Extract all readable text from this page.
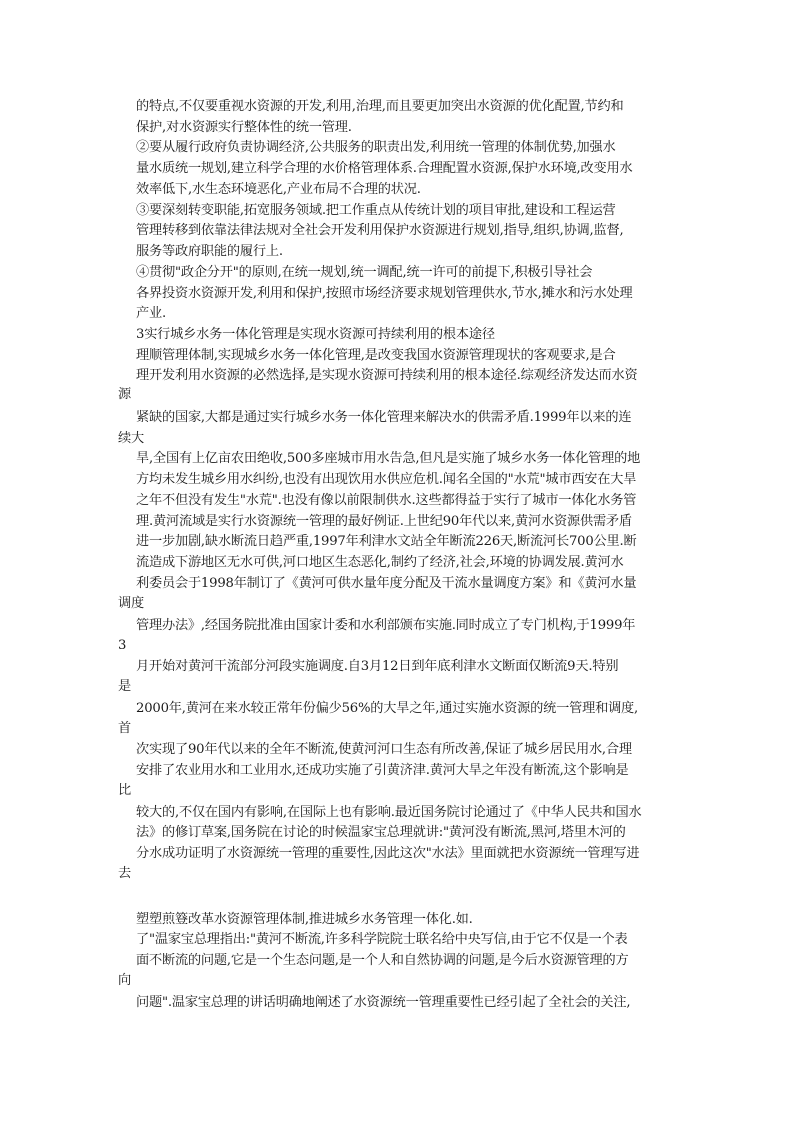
的特点,不仅要重视水资源的开发,利用,治理,而且要更加突出水资源的优化配置,节约和
保护,对水资源实行整体性的统一管理.
②要从履行政府负责协调经济,公共服务的职责出发,利用统一管理的体制优势,加强水
量水质统一规划,建立科学合理的水价格管理体系.合理配置水资源,保护水环境,改变用水
效率低下,水生态环境恶化,产业布局不合理的状况.
③要深刻转变职能,拓宽服务领域.把工作重点从传统计划的项目审批,建设和工程运营
管理转移到依靠法律法规对全社会开发利用保护水资源进行规划,指导,组织,协调,监督,
服务等政府职能的履行上.
④贯彻"政企分开"的原则,在统一规划,统一调配,统一许可的前提下,积极引导社会
各界投资水资源开发,利用和保护,按照市场经济要求规划管理供水,节水,摊水和污水处理
产业.
3实行城乡水务一体化管理是实现水资源可持续利用的根本途径
理顺管理体制,实现城乡水务一体化管理,是改变我国水资源管理现状的客观要求,是合
理开发利用水资源的必然选择,是实现水资源可持续利用的根本途径.综观经济发达而水资
源
紧缺的国家,大都是通过实行城乡水务一体化管理来解决水的供需矛盾.1999年以来的连
续大
旱,全国有上亿亩农田绝收,500多座城市用水告急,但凡是实施了城乡水务一体化管理的地
方均未发生城乡用水纠纷,也没有出现饮用水供应危机.闻名全国的"水荒"城市西安在大旱
之年不但没有发生"水荒".也没有像以前限制供水.这些都得益于实行了城市一体化水务管
理.黄河流域是实行水资源统一管理的最好例证.上世纪90年代以来,黄河水资源供需矛盾
进一步加剧,缺水断流日趋严重,1997年利津水文站全年断流226天,断流河长700公里.断
流造成下游地区无水可供,河口地区生态恶化,制约了经济,社会,环境的协调发展.黄河水
利委员会于1998年制订了《黄河可供水量年度分配及干流水量调度方案》和《黄河水量
调度
管理办法》,经国务院批准由国家计委和水利部颁布实施.同时成立了专门机构,于1999年
3
月开始对黄河干流部分河段实施调度.自3月12日到年底利津水文断面仅断流9天.特别
是
2000年,黄河在来水较正常年份偏少56%的大旱之年,通过实施水资源的统一管理和调度,
首
次实现了90年代以来的全年不断流,使黄河河口生态有所改善,保证了城乡居民用水,合理
安排了农业用水和工业用水,还成功实施了引黄济津.黄河大旱之年没有断流,这个影响是
比
较大的,不仅在国内有影响,在国际上也有影响.最近国务院讨论通过了《中华人民共和国水
法》的修订草案,国务院在讨论的时候温家宝总理就讲:"黄河没有断流,黑河,塔里木河的
分水成功证明了水资源统一管理的重要性,因此这次"水法》里面就把水资源统一管理写进
去
塑塑煎簦改革水资源管理体制,推进城乡水务管理一体化.如.
了"温家宝总理指出:"黄河不断流,许多科学院院士联名给中央写信,由于它不仅是一个表
面不断流的问题,它是一个生态问题,是一个人和自然协调的问题,是今后水资源管理的方
向
问题".温家宝总理的讲话明确地阐述了水资源统一管理重要性已经引起了全社会的关注,
